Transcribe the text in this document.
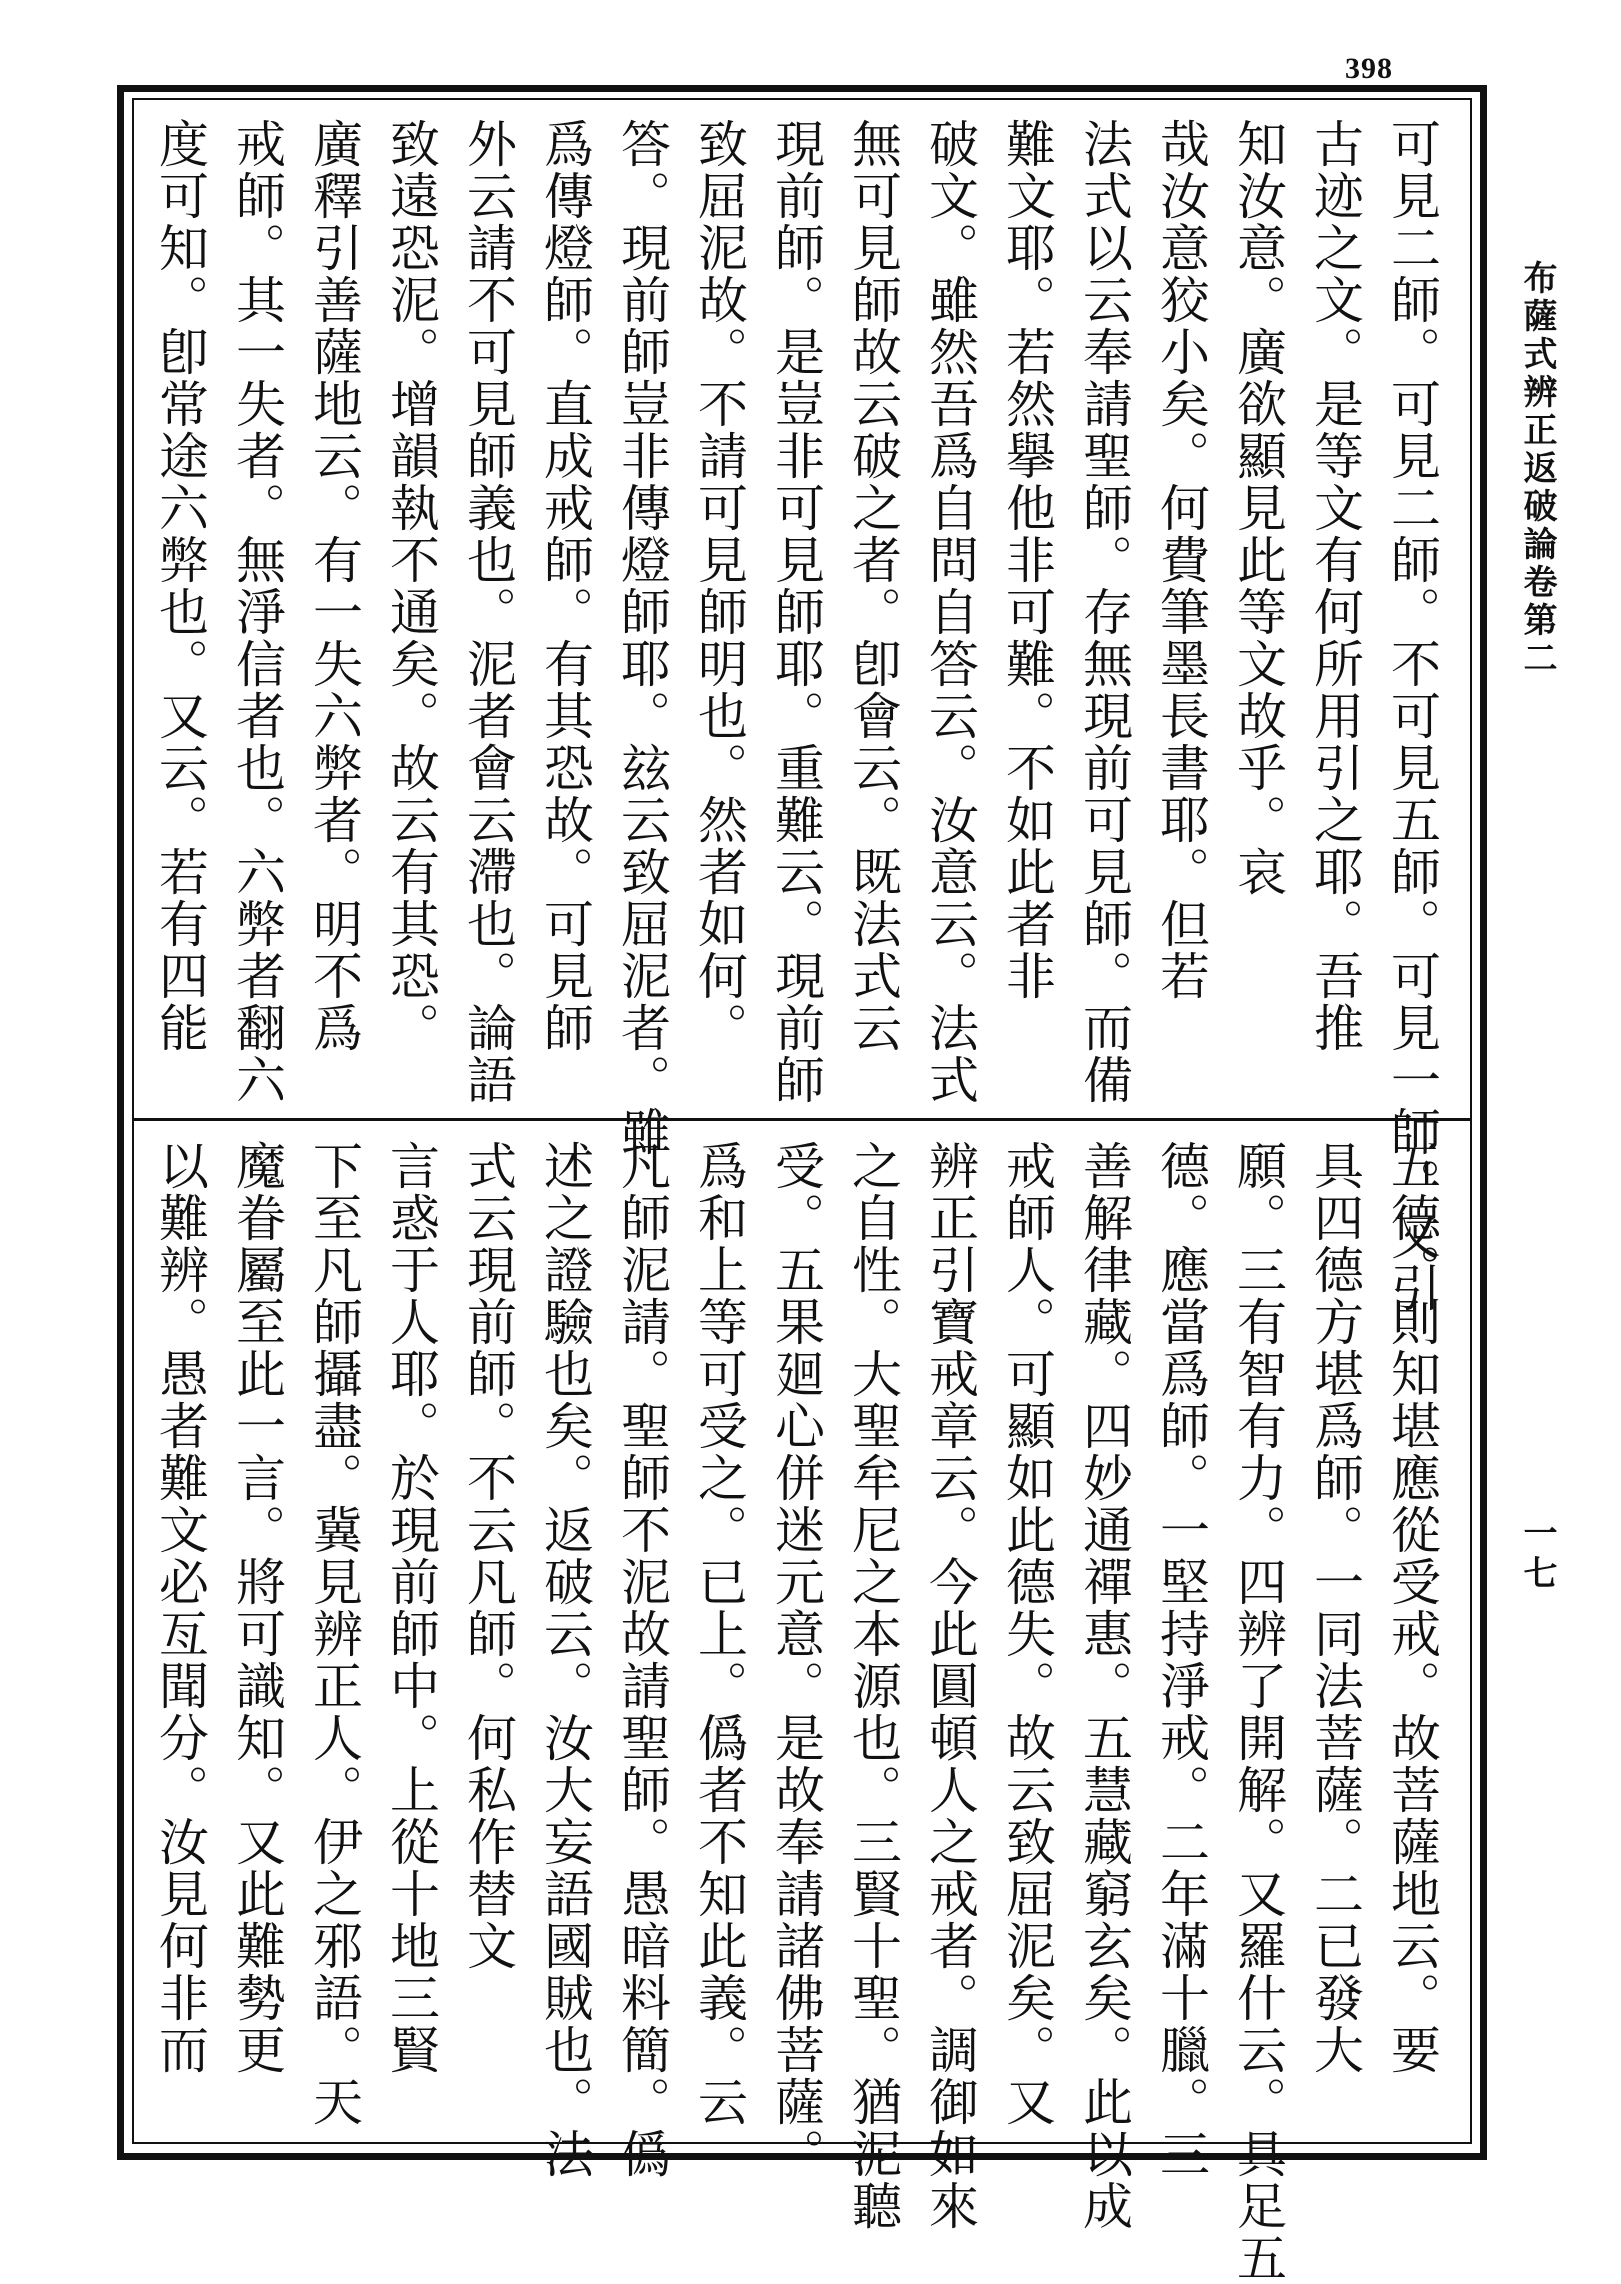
398
布薩式辨正返破論卷第二
一七
可見二師。可見二師。不可見五師。可見一師。又引
古迹之文。是等文有何所用引之耶。吾推
知汝意。廣欲顯見此等文故乎。哀
哉汝意狡小矣。何費筆墨長書耶。但若
法式以云奉請聖師。存無現前可見師。而備
難文耶。若然擧他非可難。不如此者非
破文。雖然吾爲自問自答云。汝意云。法式
無可見師故云破之者。卽會云。既法式云
現前師。是豈非可見師耶。重難云。現前師
致屈泥故。不請可見師明也。然者如何。
答。現前師豈非傳燈師耶。玆云致屈泥者。雖
爲傳燈師。直成戒師。有其恐故。可見師
外云請不可見師義也。泥者會云滯也。論語
致遠恐泥。增韻執不通矣。故云有其恐。
廣釋引善薩地云。有一失六弊者。明不爲
戒師。其一失者。無淨信者也。六弊者翻六
度可知。卽常途六弊也。又云。若有四能
五德。則知堪應從受戒。故菩薩地云。要
具四德方堪爲師。一同法菩薩。二已發大
願。三有智有力。四辨了開解。又羅什云。具足五
德。應當爲師。一堅持淨戒。二年滿十臘。三
善解律藏。四妙通禪惠。五慧藏窮玄矣。此以成
戒師人。可顯如此德失。故云致屈泥矣。又
辨正引寶戒章云。今此圓頓人之戒者。調御如來
之自性。大聖牟尼之本源也。三賢十聖。猶泥聽
受。五果廻心併迷元意。是故奉請諸佛菩薩。
爲和上等可受之。已上。僞者不知此義。云
凡師泥請。聖師不泥故請聖師。愚暗料簡。僞
述之證驗也矣。返破云。汝大妄語國賊也。法
式云現前師。不云凡師。何私作替文
言惑于人耶。於現前師中。上從十地三賢
下至凡師攝盡。冀見辨正人。伊之邪語。天
魔眷屬至此一言。將可識知。又此難勢更
以難辨。愚者難文必亙聞分。汝見何非而
